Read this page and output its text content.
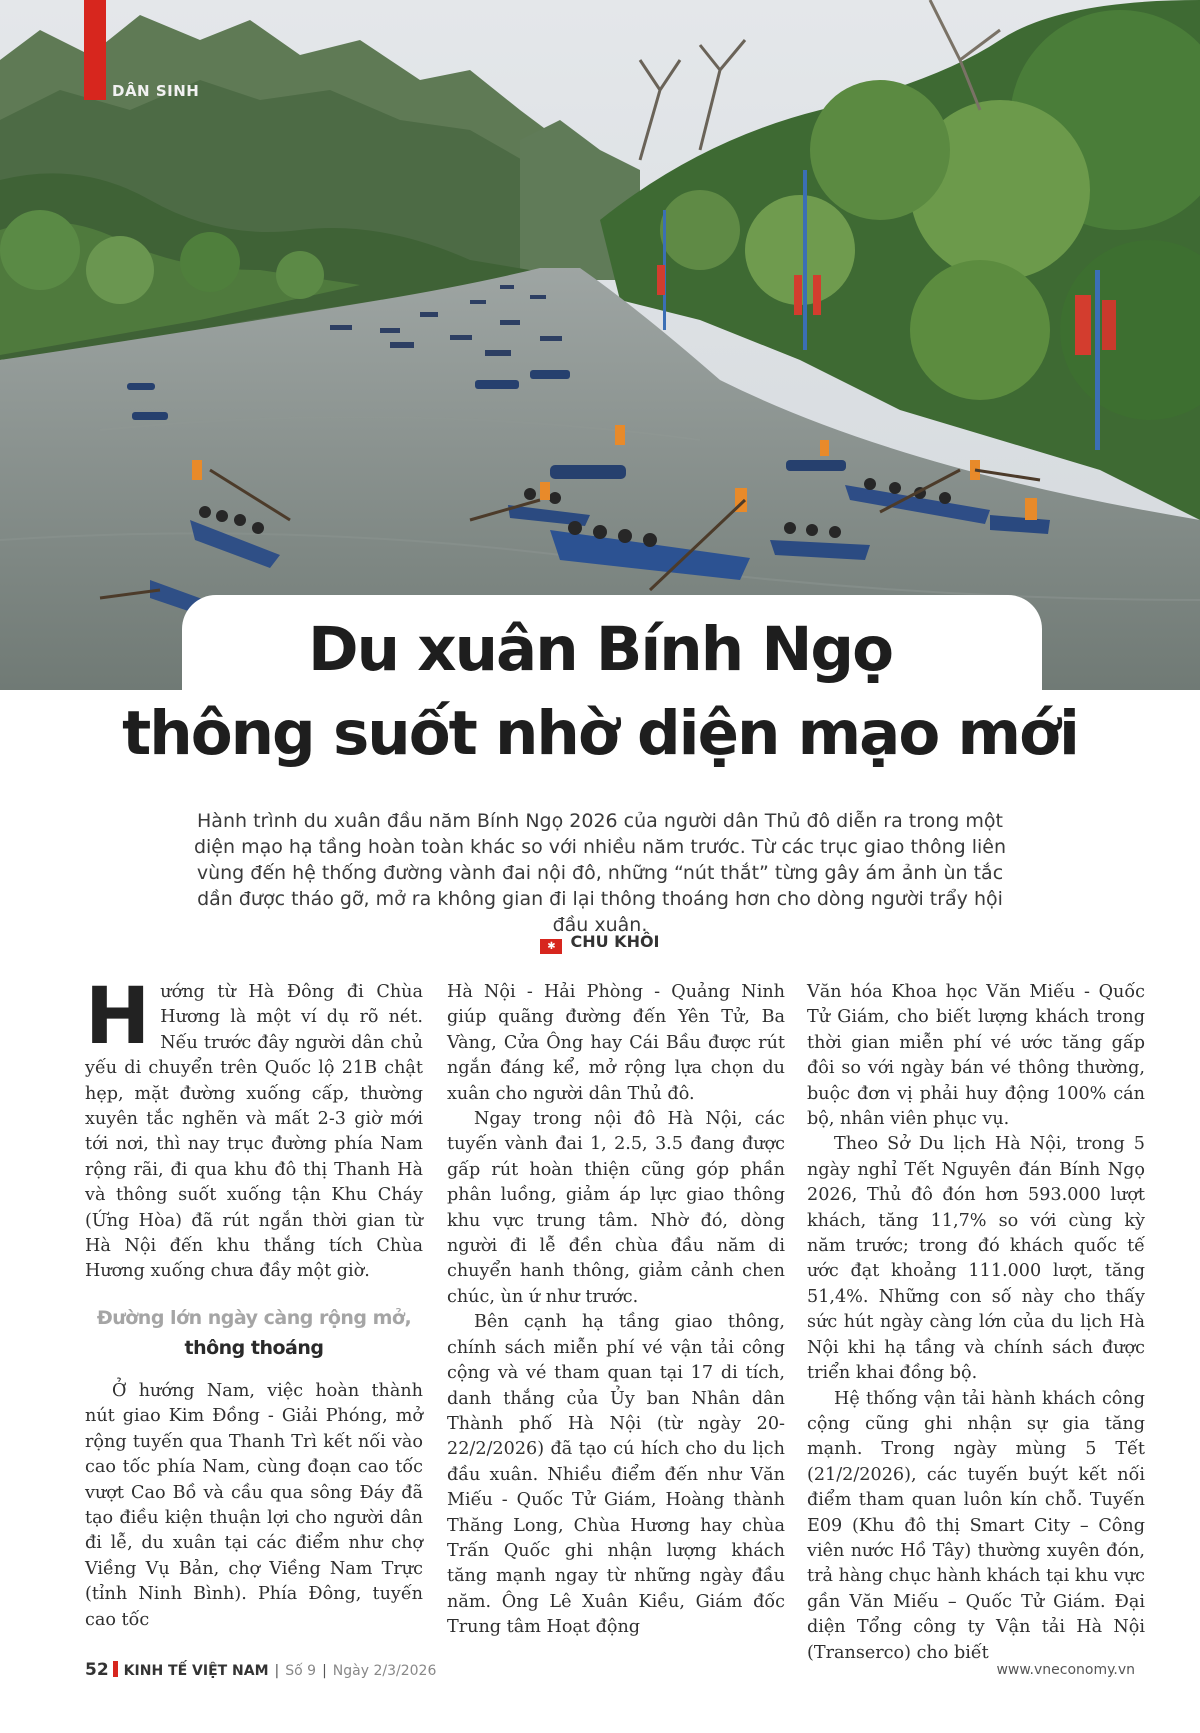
DÂN SINH
Du xuân Bính Ngọ
thông suốt nhờ diện mạo mới

Hành trình du xuân đầu năm Bính Ngọ 2026 của người dân Thủ đô diễn ra trong một diện mạo hạ tầng hoàn toàn khác so với nhiều năm trước. Từ các trục giao thông liên vùng đến hệ thống đường vành đai nội đô, những “nút thắt” từng gây ám ảnh ùn tắc dần được tháo gỡ, mở ra không gian đi lại thông thoáng hơn cho dòng người trẩy hội đầu xuân.

✱ CHU KHÔI

Hướng từ Hà Đông đi Chùa Hương là một ví dụ rõ nét. Nếu trước đây người dân chủ yếu di chuyển trên Quốc lộ 21B chật hẹp, mặt đường xuống cấp, thường xuyên tắc nghẽn và mất 2-3 giờ mới tới nơi, thì nay trục đường phía Nam rộng rãi, đi qua khu đô thị Thanh Hà và thông suốt xuống tận Khu Cháy (Ứng Hòa) đã rút ngắn thời gian từ Hà Nội đến khu thắng tích Chùa Hương xuống chưa đầy một giờ.

Đường lớn ngày càng rộng mở,
thông thoáng

Ở hướng Nam, việc hoàn thành nút giao Kim Đồng - Giải Phóng, mở rộng tuyến qua Thanh Trì kết nối vào cao tốc phía Nam, cùng đoạn cao tốc vượt Cao Bồ và cầu qua sông Đáy đã tạo điều kiện thuận lợi cho người dân đi lễ, du xuân tại các điểm như chợ Viềng Vụ Bản, chợ Viềng Nam Trực (tỉnh Ninh Bình). Phía Đông, tuyến cao tốc

Hà Nội - Hải Phòng - Quảng Ninh giúp quãng đường đến Yên Tử, Ba Vàng, Cửa Ông hay Cái Bầu được rút ngắn đáng kể, mở rộng lựa chọn du xuân cho người dân Thủ đô.

Ngay trong nội đô Hà Nội, các tuyến vành đai 1, 2.5, 3.5 đang được gấp rút hoàn thiện cũng góp phần phân luồng, giảm áp lực giao thông khu vực trung tâm. Nhờ đó, dòng người đi lễ đền chùa đầu năm di chuyển hanh thông, giảm cảnh chen chúc, ùn ứ như trước.

Bên cạnh hạ tầng giao thông, chính sách miễn phí vé vận tải công cộng và vé tham quan tại 17 di tích, danh thắng của Ủy ban Nhân dân Thành phố Hà Nội (từ ngày 20-22/2/2026) đã tạo cú hích cho du lịch đầu xuân. Nhiều điểm đến như Văn Miếu - Quốc Tử Giám, Hoàng thành Thăng Long, Chùa Hương hay chùa Trấn Quốc ghi nhận lượng khách tăng mạnh ngay từ những ngày đầu năm. Ông Lê Xuân Kiều, Giám đốc Trung tâm Hoạt động

Văn hóa Khoa học Văn Miếu - Quốc Tử Giám, cho biết lượng khách trong thời gian miễn phí vé ước tăng gấp đôi so với ngày bán vé thông thường, buộc đơn vị phải huy động 100% cán bộ, nhân viên phục vụ.

Theo Sở Du lịch Hà Nội, trong 5 ngày nghỉ Tết Nguyên đán Bính Ngọ 2026, Thủ đô đón hơn 593.000 lượt khách, tăng 11,7% so với cùng kỳ năm trước; trong đó khách quốc tế ước đạt khoảng 111.000 lượt, tăng 51,4%. Những con số này cho thấy sức hút ngày càng lớn của du lịch Hà Nội khi hạ tầng và chính sách được triển khai đồng bộ.

Hệ thống vận tải hành khách công cộng cũng ghi nhận sự gia tăng mạnh. Trong ngày mùng 5 Tết (21/2/2026), các tuyến buýt kết nối điểm tham quan luôn kín chỗ. Tuyến E09 (Khu đô thị Smart City – Công viên nước Hồ Tây) thường xuyên đón, trả hàng chục hành khách tại khu vực gần Văn Miếu – Quốc Tử Giám. Đại diện Tổng công ty Vận tải Hà Nội (Transerco) cho biết

52 KINH TẾ VIỆT NAM | Số 9 | Ngày 2/3/2026	www.vneconomy.vn
